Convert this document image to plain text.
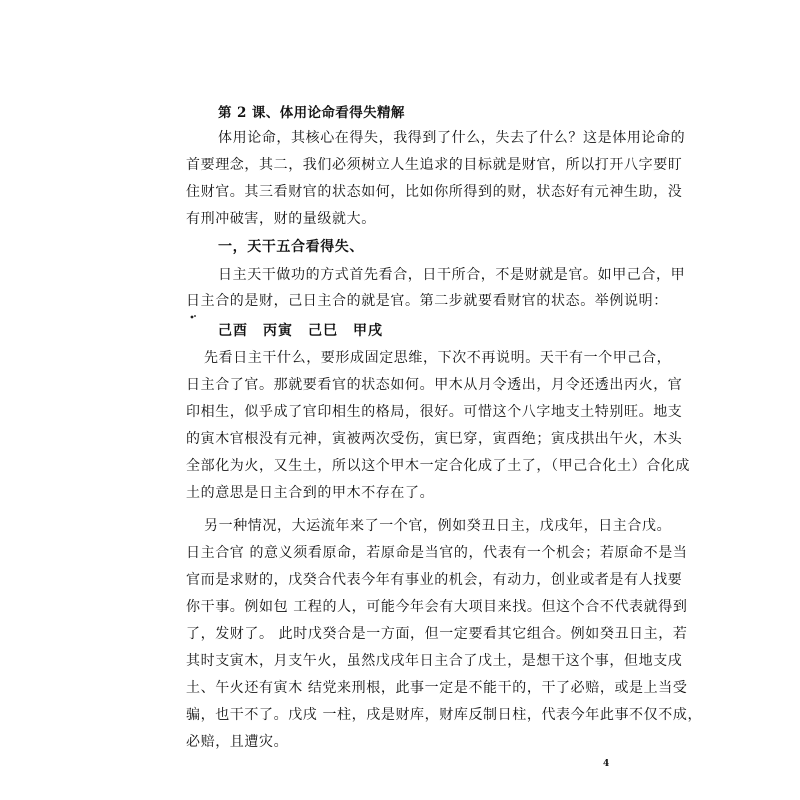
第 2 课、体用论命看得失精解
体用论命，其核心在得失，我得到了什么，失去了什么？这是体用论命的
首要理念，其二，我们必须树立人生追求的目标就是财官，所以打开八字要盯
住财官。其三看财官的状态如何，比如你所得到的财，状态好有元神生助，没
有刑冲破害，财的量级就大。
一，天干五合看得失、
日主天干做功的方式首先看合，日干所合，不是财就是官。如甲己合，甲
日主合的是财，己日主合的就是官。第二步就要看财官的状态。举例说明：
己酉　丙寅　己巳　甲戌
先看日主干什么，要形成固定思维，下次不再说明。天干有一个甲己合，
日主合了官。那就要看官的状态如何。甲木从月令透出，月令还透出丙火，官
印相生，似乎成了官印相生的格局，很好。可惜这个八字地支土特别旺。地支
的寅木官根没有元神，寅被两次受伤，寅巳穿，寅酉绝；寅戌拱出午火，木头
全部化为火，又生土，所以这个甲木一定合化成了土了，（甲己合化土）合化成
土的意思是日主合到的甲木不存在了。
另一种情况，大运流年来了一个官，例如癸丑日主，戊戌年，日主合戊。
日主合官 的意义须看原命，若原命是当官的，代表有一个机会；若原命不是当
官而是求财的，戊癸合代表今年有事业的机会，有动力，创业或者是有人找要
你干事。例如包 工程的人，可能今年会有大项目来找。但这个合不代表就得到
了，发财了。 此时戊癸合是一方面，但一定要看其它组合。例如癸丑日主，若
其时支寅木，月支午火，虽然戊戌年日主合了戊土，是想干这个事，但地支戌
土、午火还有寅木 结党来刑根，此事一定是不能干的，干了必赔，或是上当受
骗，也干不了。戊戌 一柱，戌是财库，财库反制日柱，代表今年此事不仅不成，
必赔，且遭灾。
4
